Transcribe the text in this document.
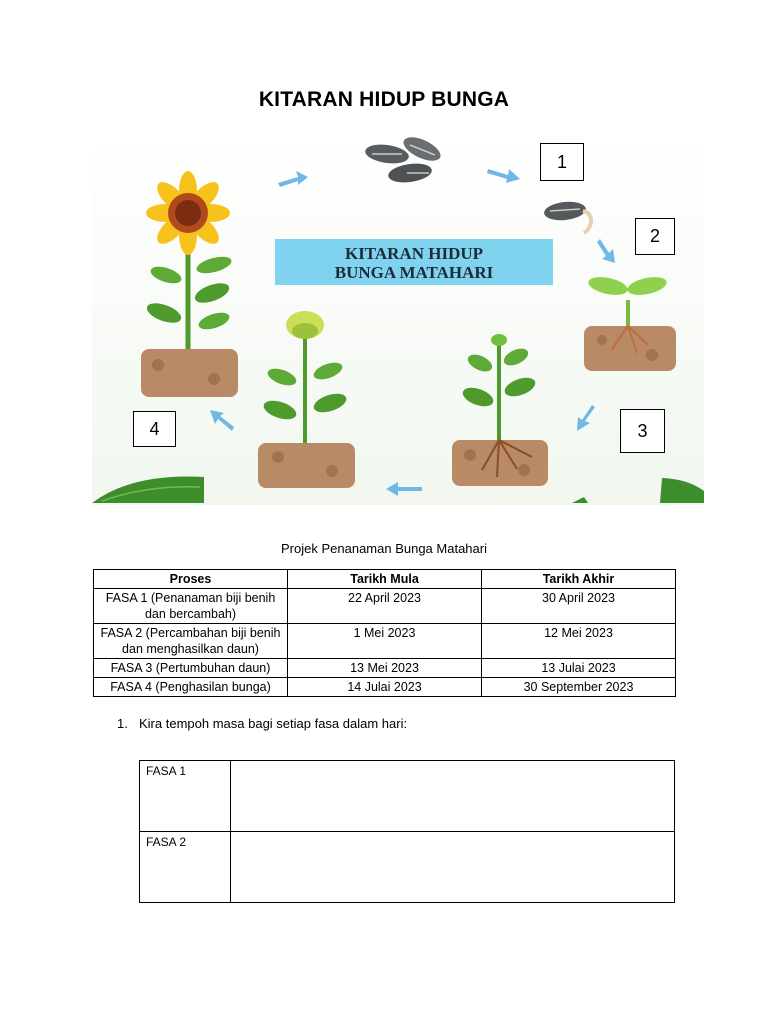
KITARAN HIDUP BUNGA
KITARAN HIDUP
BUNGA MATAHARI
1
2
3
4
Projek Penanaman Bunga Matahari
Proses	Tarikh Mula	Tarikh Akhir
FASA 1 (Penanaman biji benih dan bercambah)	22 April 2023	30 April 2023
FASA 2 (Percambahan biji benih dan menghasilkan daun)	1 Mei 2023	12 Mei 2023
FASA 3 (Pertumbuhan daun)	13 Mei 2023	13 Julai 2023
FASA 4 (Penghasilan bunga)	14 Julai 2023	30 September 2023
1. Kira tempoh masa bagi setiap fasa dalam hari:
FASA 1	
FASA 2	
